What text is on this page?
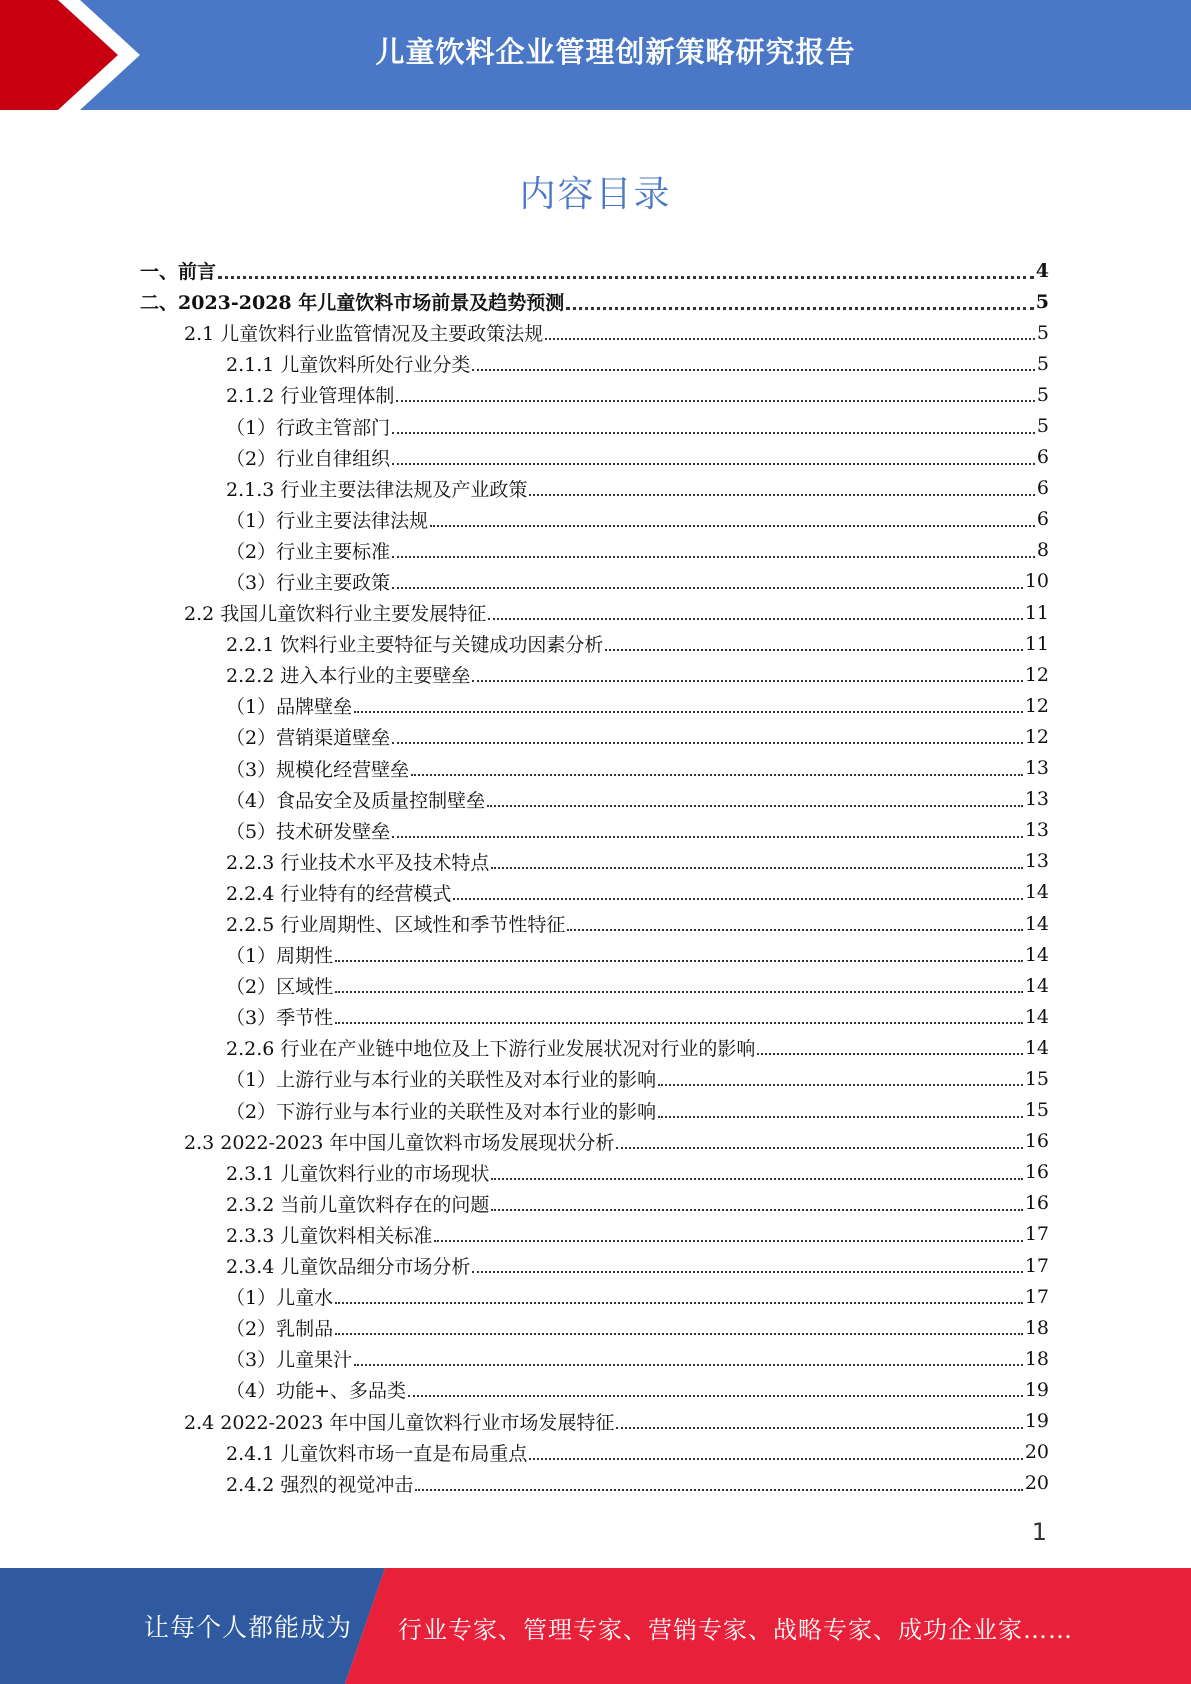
儿童饮料企业管理创新策略研究报告
内容目录
一、前言	4
二、2023-2028 年儿童饮料市场前景及趋势预测	5
2.1 儿童饮料行业监管情况及主要政策法规	5
2.1.1 儿童饮料所处行业分类	5
2.1.2 行业管理体制	5
（1）行政主管部门	5
（2）行业自律组织	6
2.1.3 行业主要法律法规及产业政策	6
（1）行业主要法律法规	6
（2）行业主要标准	8
（3）行业主要政策	10
2.2 我国儿童饮料行业主要发展特征	11
2.2.1 饮料行业主要特征与关键成功因素分析	11
2.2.2 进入本行业的主要壁垒	12
（1）品牌壁垒	12
（2）营销渠道壁垒	12
（3）规模化经营壁垒	13
（4）食品安全及质量控制壁垒	13
（5）技术研发壁垒	13
2.2.3 行业技术水平及技术特点	13
2.2.4 行业特有的经营模式	14
2.2.5 行业周期性、区域性和季节性特征	14
（1）周期性	14
（2）区域性	14
（3）季节性	14
2.2.6 行业在产业链中地位及上下游行业发展状况对行业的影响	14
（1）上游行业与本行业的关联性及对本行业的影响	15
（2）下游行业与本行业的关联性及对本行业的影响	15
2.3 2022-2023 年中国儿童饮料市场发展现状分析	16
2.3.1 儿童饮料行业的市场现状	16
2.3.2 当前儿童饮料存在的问题	16
2.3.3 儿童饮料相关标准	17
2.3.4 儿童饮品细分市场分析	17
（1）儿童水	17
（2）乳制品	18
（3）儿童果汁	18
（4）功能+、多品类	19
2.4 2022-2023 年中国儿童饮料行业市场发展特征	19
2.4.1 儿童饮料市场一直是布局重点	20
2.4.2 强烈的视觉冲击	20
1
让每个人都能成为 行业专家、管理专家、营销专家、战略专家、成功企业家……
